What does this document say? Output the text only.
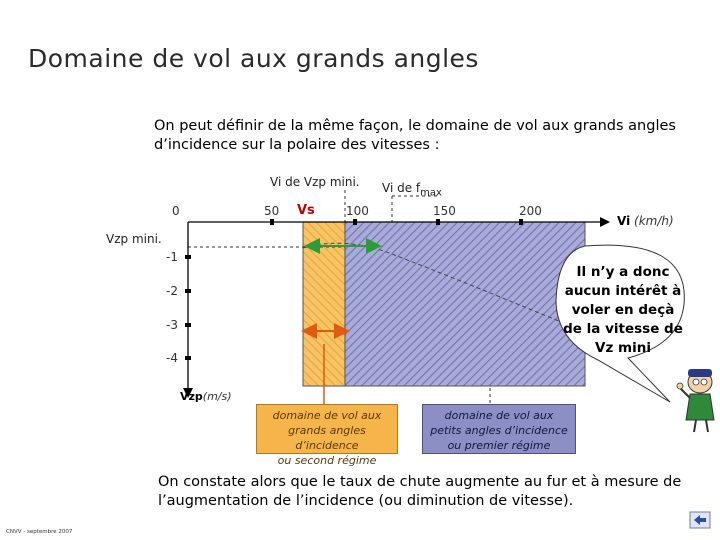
Domaine de vol aux grands angles
On peut définir de la même façon, le domaine de vol aux grands angles
d’incidence sur la polaire des vitesses :
0	50	100	150	200
-1
-2
-3
-4
Vi (km/h)
Vzp(m/s)
Vs
Vzp mini.
Vi de Vzp mini. Vi de $f_{max}$
domaine de vol aux
grands angles d’incidence
ou second régime
domaine de vol aux
petits angles d’incidence
ou premier régime
Il n’y a donc
aucun intérêt à
voler en deçà
de la vitesse de
Vz mini
On constate alors que le taux de chute augmente au fur et à mesure de
l’augmentation de l’incidence (ou diminution de vitesse).
CNVV - septembre 2007
